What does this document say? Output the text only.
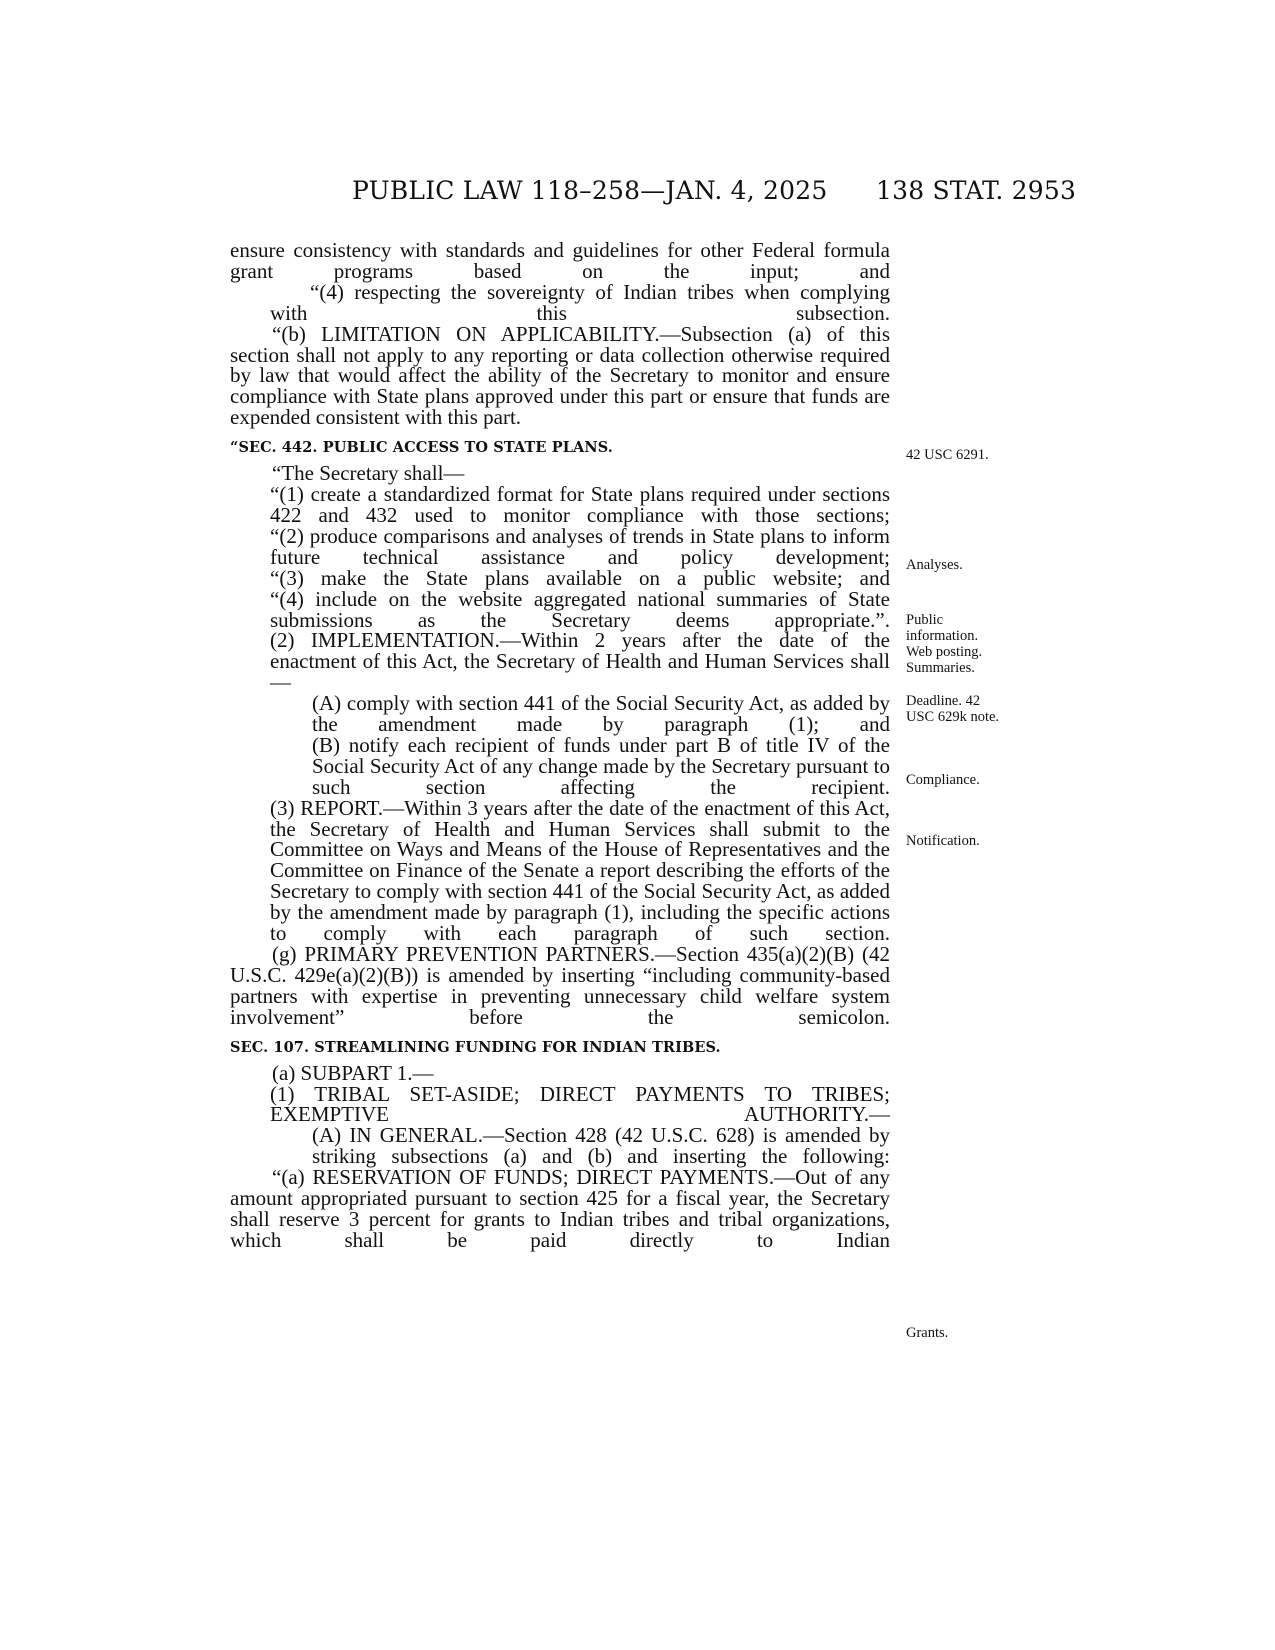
PUBLIC LAW 118–258—JAN. 4, 2025 138 STAT. 2953

ensure consistency with standards and guidelines for other Federal formula grant programs based on the input; and

“(4) respecting the sovereignty of Indian tribes when complying with this subsection.

“(b) LIMITATION ON APPLICABILITY.—Subsection (a) of this section shall not apply to any reporting or data collection otherwise required by law that would affect the ability of the Secretary to monitor and ensure compliance with State plans approved under this part or ensure that funds are expended consistent with this part.

“SEC. 442. PUBLIC ACCESS TO STATE PLANS.

“The Secretary shall—

“(1) create a standardized format for State plans required under sections 422 and 432 used to monitor compliance with those sections;

“(2) produce comparisons and analyses of trends in State plans to inform future technical assistance and policy development;

“(3) make the State plans available on a public website; and

“(4) include on the website aggregated national summaries of State submissions as the Secretary deems appropriate.”.

(2) IMPLEMENTATION.—Within 2 years after the date of the enactment of this Act, the Secretary of Health and Human Services shall—

(A) comply with section 441 of the Social Security Act, as added by the amendment made by paragraph (1); and

(B) notify each recipient of funds under part B of title IV of the Social Security Act of any change made by the Secretary pursuant to such section affecting the recipient.

(3) REPORT.—Within 3 years after the date of the enactment of this Act, the Secretary of Health and Human Services shall submit to the Committee on Ways and Means of the House of Representatives and the Committee on Finance of the Senate a report describing the efforts of the Secretary to comply with section 441 of the Social Security Act, as added by the amendment made by paragraph (1), including the specific actions to comply with each paragraph of such section.

(g) PRIMARY PREVENTION PARTNERS.—Section 435(a)(2)(B) (42 U.S.C. 429e(a)(2)(B)) is amended by inserting “including community-based partners with expertise in preventing unnecessary child welfare system involvement” before the semicolon.

SEC. 107. STREAMLINING FUNDING FOR INDIAN TRIBES.

(a) SUBPART 1.—

(1) TRIBAL SET-ASIDE; DIRECT PAYMENTS TO TRIBES; EXEMPTIVE AUTHORITY.—

(A) IN GENERAL.—Section 428 (42 U.S.C. 628) is amended by striking subsections (a) and (b) and inserting the following:

“(a) RESERVATION OF FUNDS; DIRECT PAYMENTS.—Out of any amount appropriated pursuant to section 425 for a fiscal year, the Secretary shall reserve 3 percent for grants to Indian tribes and tribal organizations, which shall be paid directly to Indian

42 USC 6291.
Analyses.
Public information. Web posting. Summaries.
Deadline. 42 USC 629k note.
Compliance.
Notification.
Grants.
